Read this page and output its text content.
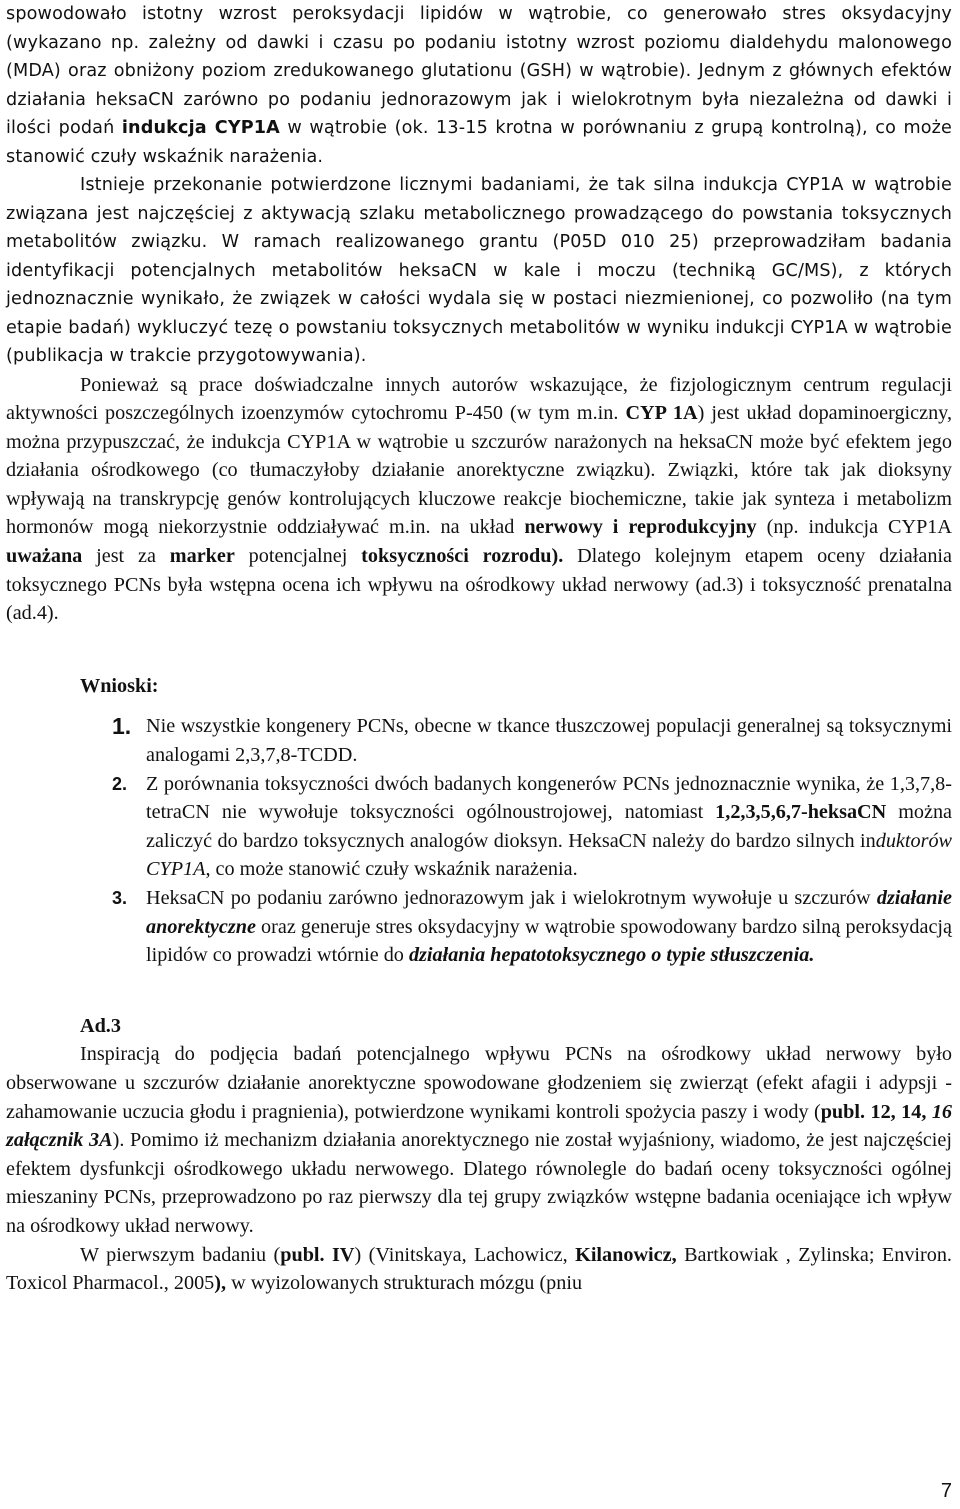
spowodowało istotny wzrost peroksydacji lipidów w wątrobie, co generowało stres oksydacyjny (wykazano np. zależny od dawki i czasu po podaniu istotny wzrost poziomu dialdehydu malonowego (MDA) oraz obniżony poziom zredukowanego glutationu (GSH) w wątrobie). Jednym z głównych efektów działania heksaCN zarówno po podaniu jednorazowym jak i wielokrotnym była niezależna od dawki i ilości podań indukcja CYP1A w wątrobie (ok. 13-15 krotna w porównaniu z grupą kontrolną), co może stanowić czuły wskaźnik narażenia.

Istnieje przekonanie potwierdzone licznymi badaniami, że tak silna indukcja CYP1A w wątrobie związana jest najczęściej z aktywacją szlaku metabolicznego prowadzącego do powstania toksycznych metabolitów związku. W ramach realizowanego grantu (P05D 010 25) przeprowadziłam badania identyfikacji potencjalnych metabolitów heksaCN w kale i moczu (techniką GC/MS), z których jednoznacznie wynikało, że związek w całości wydala się w postaci niezmienionej, co pozwoliło (na tym etapie badań) wykluczyć tezę o powstaniu toksycznych metabolitów w wyniku indukcji CYP1A w wątrobie (publikacja w trakcie przygotowywania).

Ponieważ są prace doświadczalne innych autorów wskazujące, że fizjologicznym centrum regulacji aktywności poszczególnych izoenzymów cytochromu P-450 (w tym m.in. CYP 1A) jest układ dopaminoergiczny, można przypuszczać, że indukcja CYP1A w wątrobie u szczurów narażonych na heksaCN może być efektem jego działania ośrodkowego (co tłumaczyłoby działanie anorektyczne związku). Związki, które tak jak dioksyny wpływają na transkrypcję genów kontrolujących kluczowe reakcje biochemiczne, takie jak synteza i metabolizm hormonów mogą niekorzystnie oddziaływać m.in. na układ nerwowy i reprodukcyjny (np. indukcja CYP1A uważana jest za marker potencjalnej toksyczności rozrodu). Dlatego kolejnym etapem oceny działania toksycznego PCNs była wstępna ocena ich wpływu na ośrodkowy układ nerwowy (ad.3) i toksyczność prenatalna (ad.4).

Wnioski:
1. Nie wszystkie kongenery PCNs, obecne w tkance tłuszczowej populacji generalnej są toksycznymi analogami 2,3,7,8-TCDD.

2. Z porównania toksyczności dwóch badanych kongenerów PCNs jednoznacznie wynika, że 1,3,7,8- tetraCN nie wywołuje toksyczności ogólnoustrojowej, natomiast 1,2,3,5,6,7-heksaCN można zaliczyć do bardzo toksycznych analogów dioksyn. HeksaCN należy do bardzo silnych induktorów CYP1A, co może stanowić czuły wskaźnik narażenia.

3. HeksaCN po podaniu zarówno jednorazowym jak i wielokrotnym wywołuje u szczurów działanie anorektyczne oraz generuje stres oksydacyjny w wątrobie spowodowany bardzo silną peroksydacją lipidów co prowadzi wtórnie do działania hepatotoksycznego o typie stłuszczenia.

Ad.3

Inspiracją do podjęcia badań potencjalnego wpływu PCNs na ośrodkowy układ nerwowy było obserwowane u szczurów działanie anorektyczne spowodowane głodzeniem się zwierząt (efekt afagii i adypsji - zahamowanie uczucia głodu i pragnienia), potwierdzone wynikami kontroli spożycia paszy i wody (publ. 12, 14, 16 załącznik 3A). Pomimo iż mechanizm działania anorektycznego nie został wyjaśniony, wiadomo, że jest najczęściej efektem dysfunkcji ośrodkowego układu nerwowego. Dlatego równolegle do badań oceny toksyczności ogólnej mieszaniny PCNs, przeprowadzono po raz pierwszy dla tej grupy związków wstępne badania oceniające ich wpływ na ośrodkowy układ nerwowy.

W pierwszym badaniu (publ. IV) (Vinitskaya, Lachowicz, Kilanowicz, Bartkowiak , Zylinska; Environ. Toxicol Pharmacol., 2005), w wyizolowanych strukturach mózgu (pniu

7
